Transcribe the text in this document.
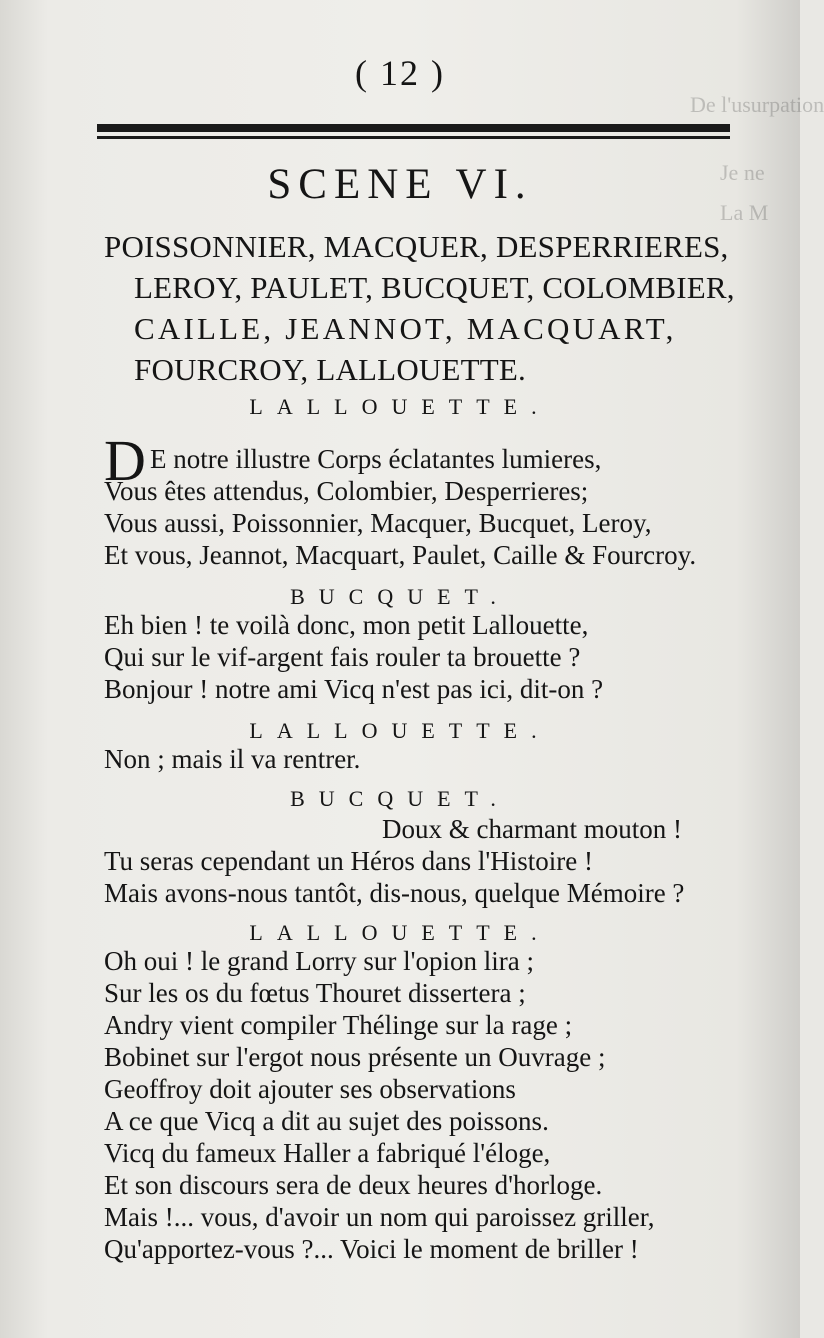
De l'usurpation
Je ne
La M
( 12 )
SCENE VI.
POISSONNIER, MACQUER, DESPERRIERES,
LEROY, PAULET, BUCQUET, COLOMBIER,
CAILLE, JEANNOT, MACQUART,
FOURCROY, LALLOUETTE.
LALLOUETTE.
D E notre illustre Corps éclatantes lumieres,
Vous êtes attendus, Colombier, Desperrieres;
Vous aussi, Poissonnier, Macquer, Bucquet, Leroy,
Et vous, Jeannot, Macquart, Paulet, Caille & Fourcroy.
BUCQUET.
Eh bien ! te voilà donc, mon petit Lallouette,
Qui sur le vif-argent fais rouler ta brouette ?
Bonjour ! notre ami Vicq n'est pas ici, dit-on ?
LALLOUETTE.
Non ; mais il va rentrer.
BUCQUET.
Doux & charmant mouton !
Tu seras cependant un Héros dans l'Histoire !
Mais avons-nous tantôt, dis-nous, quelque Mémoire ?
LALLOUETTE.
Oh oui ! le grand Lorry sur l'opion lira ;
Sur les os du fœtus Thouret dissertera ;
Andry vient compiler Thélinge sur la rage ;
Bobinet sur l'ergot nous présente un Ouvrage ;
Geoffroy doit ajouter ses observations
A ce que Vicq a dit au sujet des poissons.
Vicq du fameux Haller a fabriqué l'éloge,
Et son discours sera de deux heures d'horloge.
Mais !... vous, d'avoir un nom qui paroissez griller,
Qu'apportez-vous ?... Voici le moment de briller !
